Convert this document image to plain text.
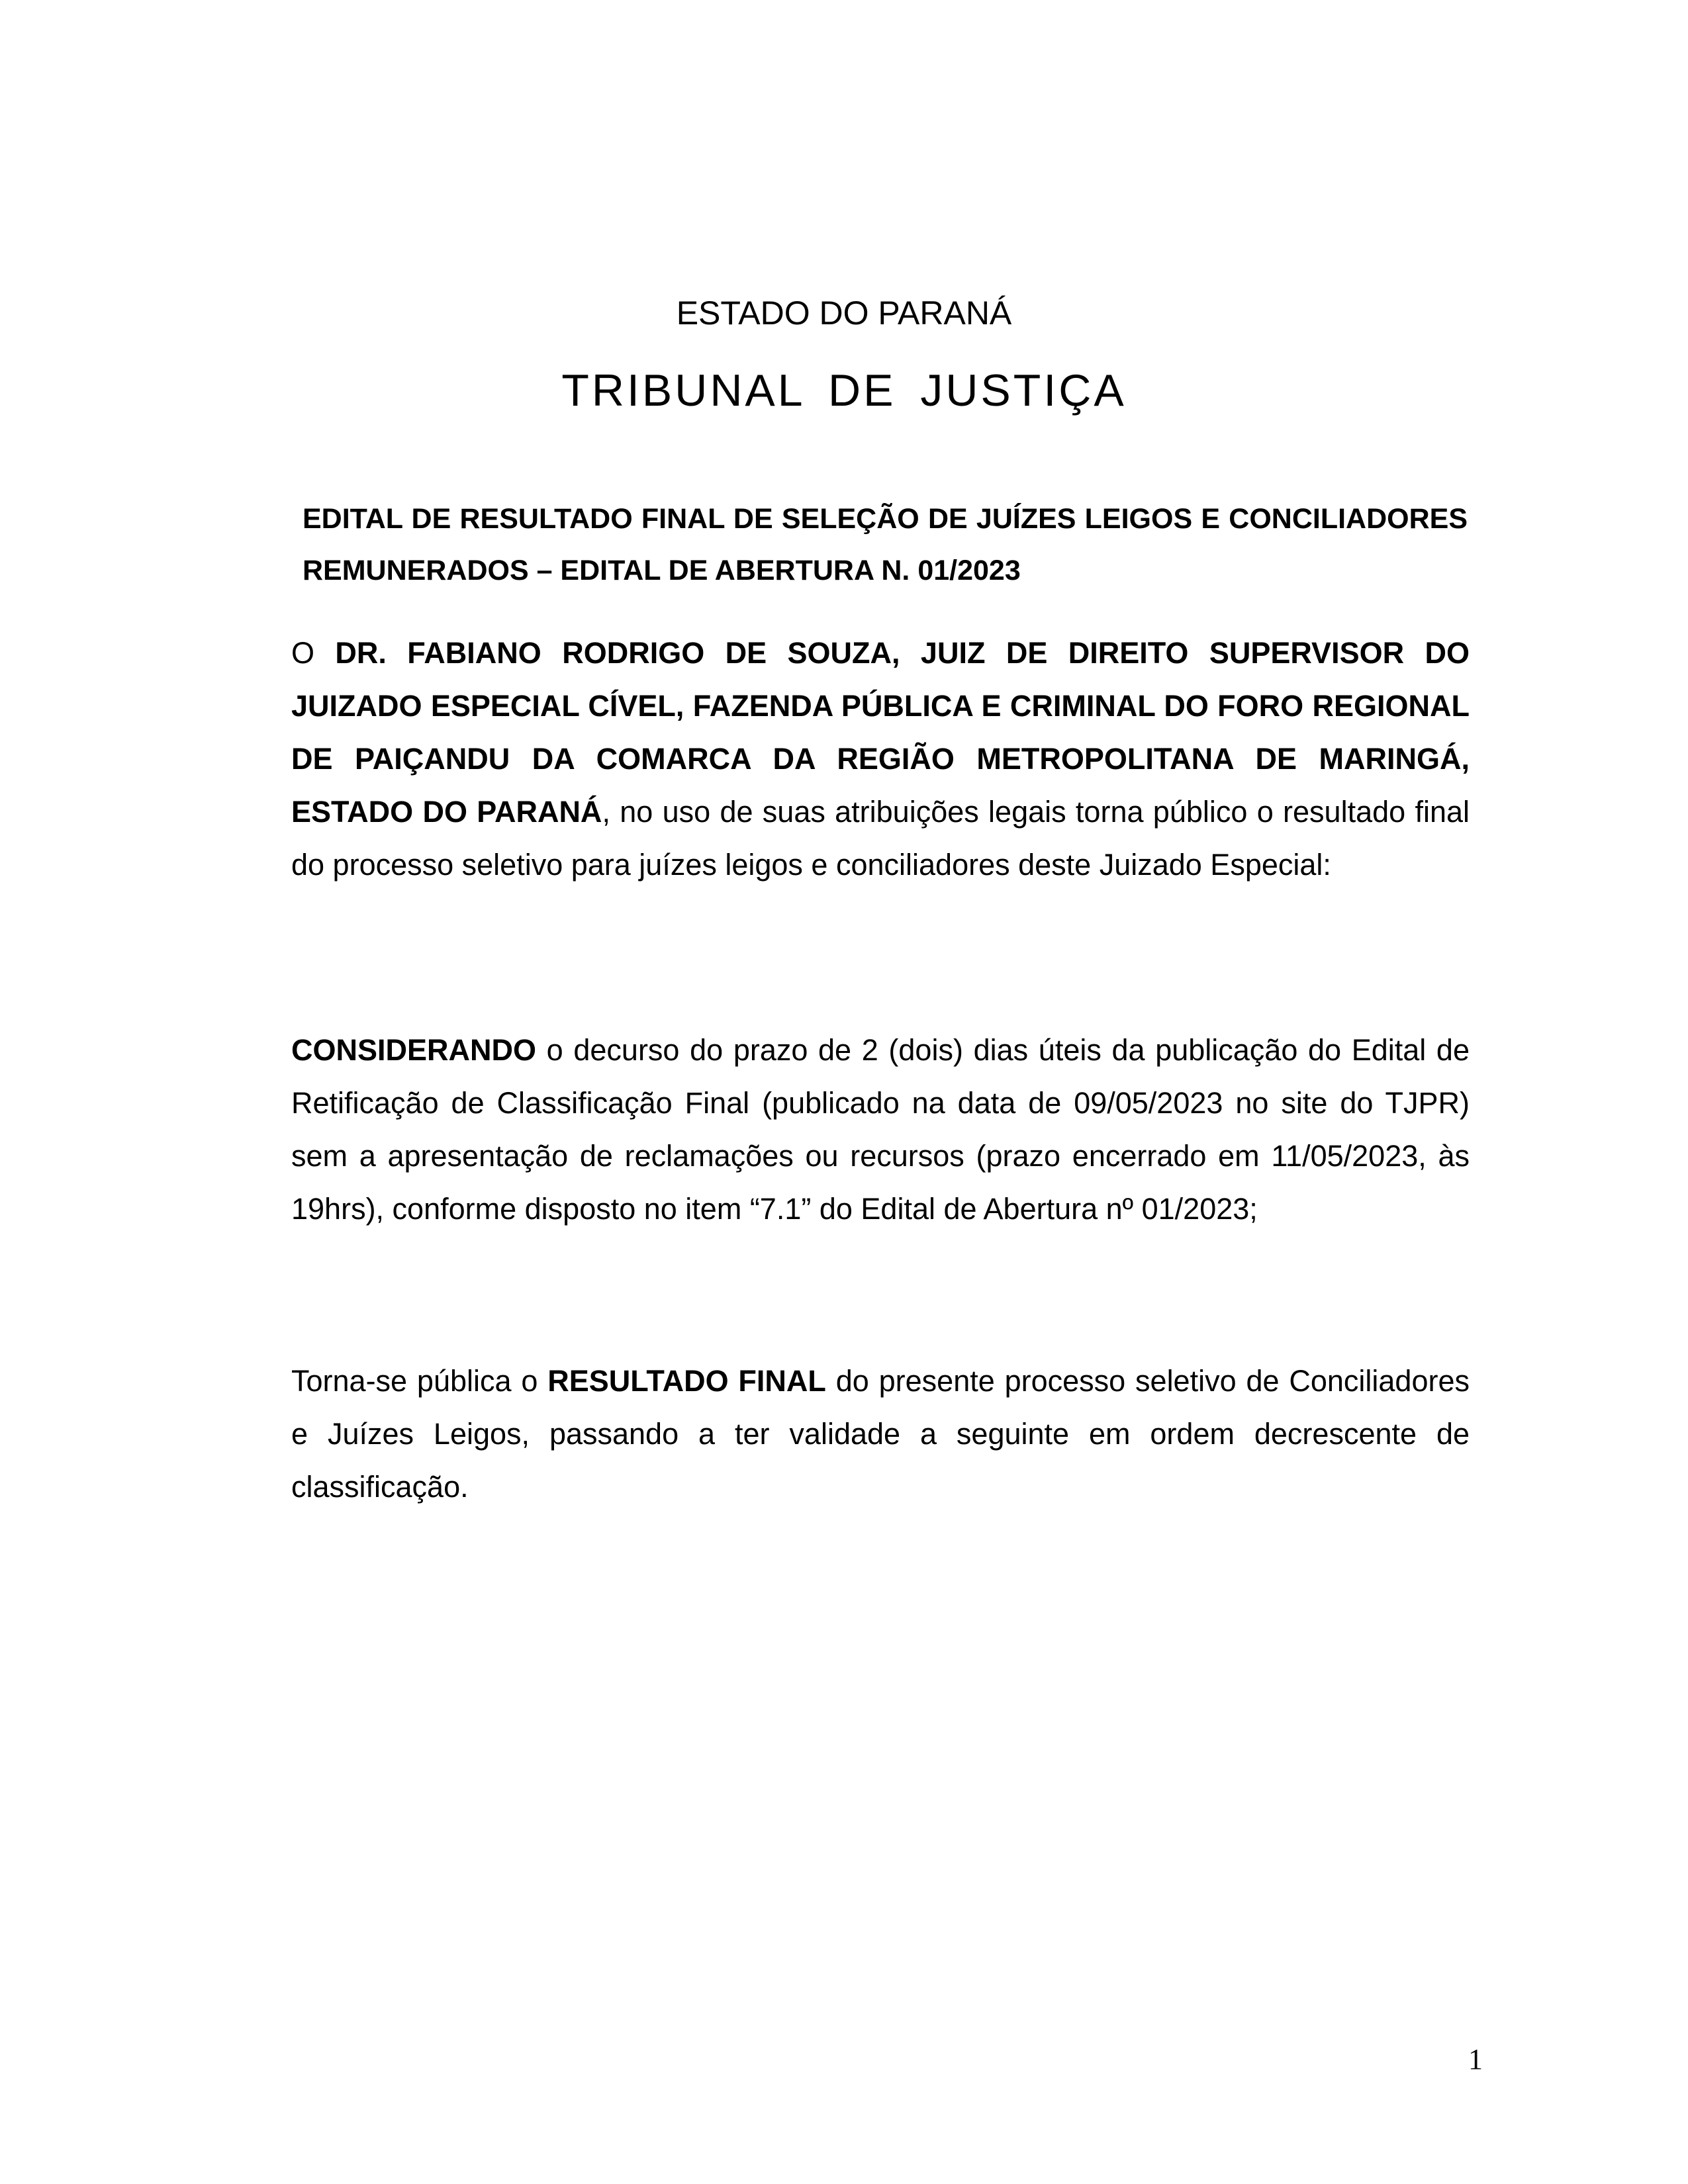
ESTADO DO PARANÁ
TRIBUNAL DE JUSTIÇA
EDITAL DE RESULTADO FINAL DE SELEÇÃO DE JUÍZES LEIGOS E CONCILIADORES REMUNERADOS – EDITAL DE ABERTURA N. 01/2023

O DR. FABIANO RODRIGO DE SOUZA, JUIZ DE DIREITO SUPERVISOR DO JUIZADO ESPECIAL CÍVEL, FAZENDA PÚBLICA E CRIMINAL DO FORO REGIONAL DE PAIÇANDU DA COMARCA DA REGIÃO METROPOLITANA DE MARINGÁ, ESTADO DO PARANÁ, no uso de suas atribuições legais torna público o resultado final do processo seletivo para juízes leigos e conciliadores deste Juizado Especial:

CONSIDERANDO o decurso do prazo de 2 (dois) dias úteis da publicação do Edital de Retificação de Classificação Final (publicado na data de 09/05/2023 no site do TJPR) sem a apresentação de reclamações ou recursos (prazo encerrado em 11/05/2023, às 19hrs), conforme disposto no item “7.1” do Edital de Abertura nº 01/2023;

Torna-se pública o RESULTADO FINAL do presente processo seletivo de Conciliadores e Juízes Leigos, passando a ter validade a seguinte em ordem decrescente de classificação.

1
